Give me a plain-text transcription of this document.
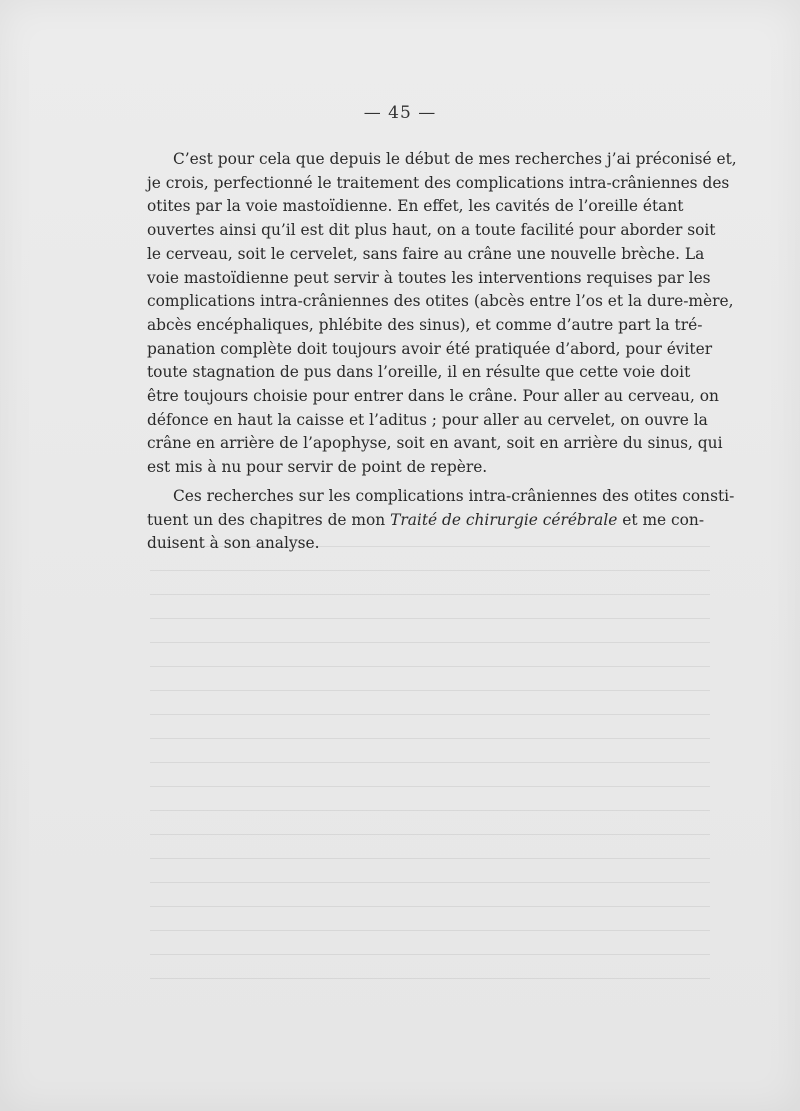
— 45 —
C’est pour cela que depuis le début de mes recherches j’ai préconisé et,
je crois, perfectionné le traitement des complications intra-crâniennes des
otites par la voie mastoïdienne. En effet, les cavités de l’oreille étant
ouvertes ainsi qu’il est dit plus haut, on a toute facilité pour aborder soit
le cerveau, soit le cervelet, sans faire au crâne une nouvelle brèche. La
voie mastoïdienne peut servir à toutes les interventions requises par les
complications intra-crâniennes des otites (abcès entre l’os et la dure-mère,
abcès encéphaliques, phlébite des sinus), et comme d’autre part la tré-
panation complète doit toujours avoir été pratiquée d’abord, pour éviter
toute stagnation de pus dans l’oreille, il en résulte que cette voie doit
être toujours choisie pour entrer dans le crâne. Pour aller au cerveau, on
défonce en haut la caisse et l’aditus ; pour aller au cervelet, on ouvre la
crâne en arrière de l’apophyse, soit en avant, soit en arrière du sinus, qui
est mis à nu pour servir de point de repère.
Ces recherches sur les complications intra-crâniennes des otites consti-
tuent un des chapitres de mon Traité de chirurgie cérébrale et me con-
duisent à son analyse.
